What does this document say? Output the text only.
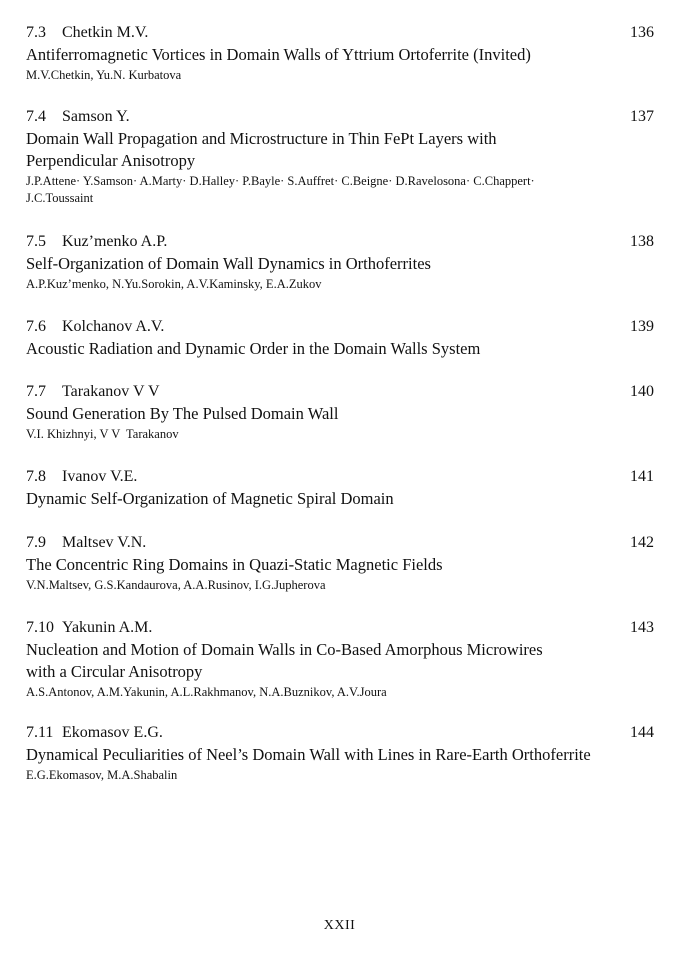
7.3	Chetkin M.V.	136
Antiferromagnetic Vortices in Domain Walls of Yttrium Ortoferrite (Invited)
M.V.Chetkin, Yu.N. Kurbatova
7.4	Samson Y.	137
Domain Wall Propagation and Microstructure in Thin FePt Layers with Perpendicular Anisotropy
J.P.Attene· Y.Samson· A.Marty· D.Halley· P.Bayle· S.Auffret· C.Beigne· D.Ravelosona· C.Chappert· J.C.Toussaint
7.5	Kuz’menko A.P.	138
Self-Organization of Domain Wall Dynamics in Orthoferrites
A.P.Kuz’menko, N.Yu.Sorokin, A.V.Kaminsky, E.A.Zukov
7.6	Kolchanov A.V.	139
Acoustic Radiation and Dynamic Order in the Domain Walls System
7.7	Tarakanov V V	140
Sound Generation By The Pulsed Domain Wall
V.I. Khizhnyi, V V  Tarakanov
7.8	Ivanov V.E.	141
Dynamic Self-Organization of Magnetic Spiral Domain
7.9	Maltsev V.N.	142
The Concentric Ring Domains in Quazi-Static Magnetic Fields
V.N.Maltsev, G.S.Kandaurova, A.A.Rusinov, I.G.Jupherova
7.10 Yakunin A.M.	143
Nucleation and Motion of Domain Walls in Co-Based Amorphous Microwires with a Circular Anisotropy
A.S.Antonov, A.M.Yakunin, A.L.Rakhmanov, N.A.Buznikov, A.V.Joura
7.11 Ekomasov E.G.	144
Dynamical Peculiarities of Neel’s Domain Wall with Lines in Rare-Earth Orthoferrite
E.G.Ekomasov, M.A.Shabalin
XXII
